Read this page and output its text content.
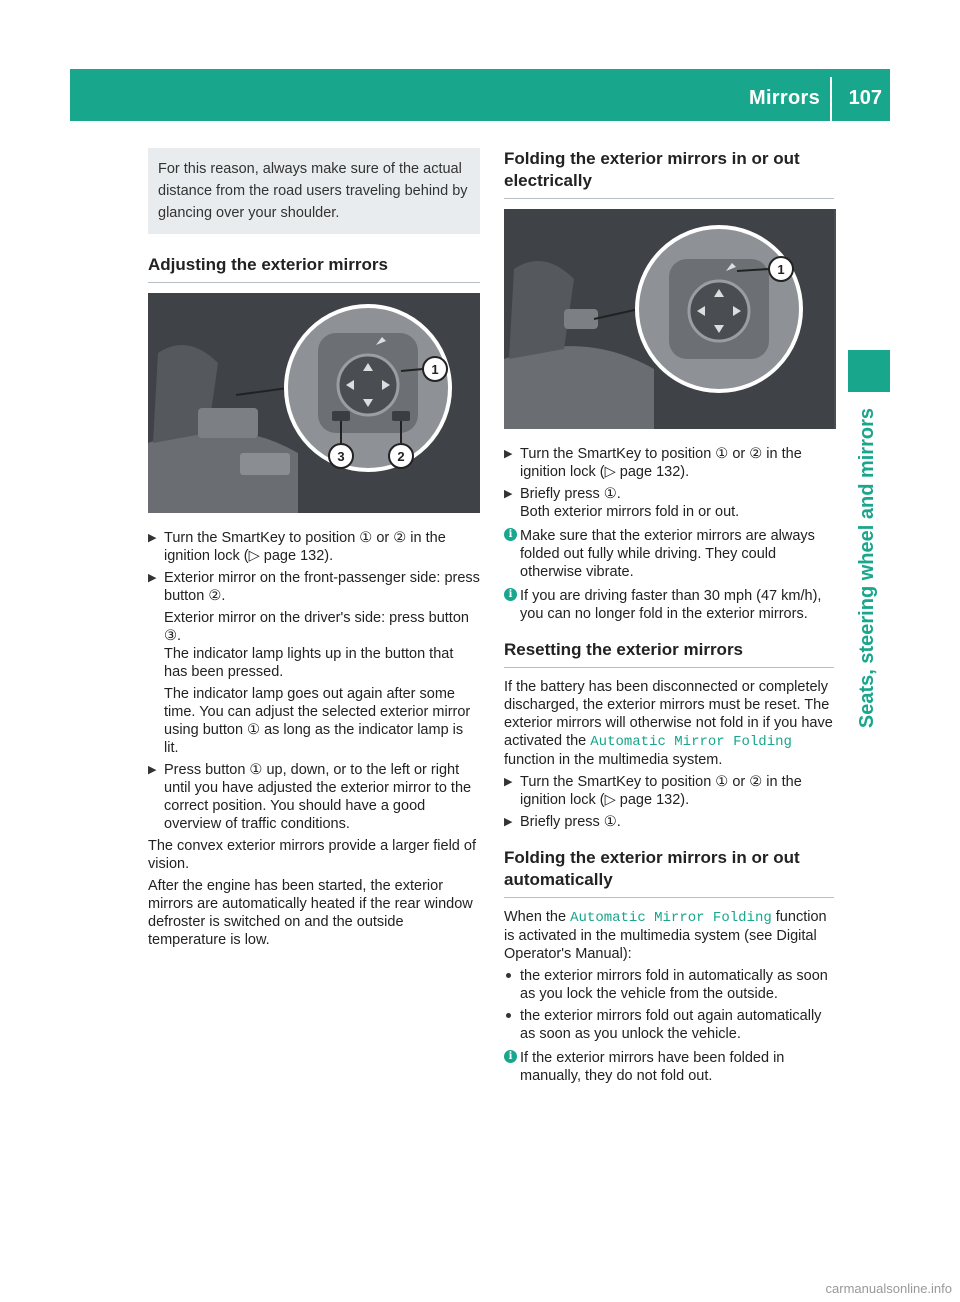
Mirrors 107
Seats, steering wheel and mirrors
For this reason, always make sure of the actual distance from the road users traveling behind by glancing over your shoulder.
Adjusting the exterior mirrors
1
3	2

▶ Turn the SmartKey to position ① or ② in the ignition lock (▷ page 132).

▶ Exterior mirror on the front-passenger side: press button ②.

Exterior mirror on the driver's side: press button ③.
The indicator lamp lights up in the button that has been pressed.

The indicator lamp goes out again after some time. You can adjust the selected exterior mirror using button ① as long as the indicator lamp is lit.

▶ Press button ① up, down, or to the left or right until you have adjusted the exterior mirror to the correct position. You should have a good overview of traffic conditions.

The convex exterior mirrors provide a larger field of vision.

After the engine has been started, the exterior mirrors are automatically heated if the rear window defroster is switched on and the outside temperature is low.

Folding the exterior mirrors in or out electrically
1

▶ Turn the SmartKey to position ① or ② in the ignition lock (▷ page 132).

▶ Briefly press ①.
Both exterior mirrors fold in or out.

i Make sure that the exterior mirrors are always folded out fully while driving. They could otherwise vibrate.

i If you are driving faster than 30 mph (47 km/h), you can no longer fold in the exterior mirrors.

Resetting the exterior mirrors

If the battery has been disconnected or completely discharged, the exterior mirrors must be reset. The exterior mirrors will otherwise not fold in if you have activated the Automatic Mirror Folding function in the multimedia system.

▶ Turn the SmartKey to position ① or ② in the ignition lock (▷ page 132).

▶ Briefly press ①.

Folding the exterior mirrors in or out automatically

When the Automatic Mirror Folding function is activated in the multimedia system (see Digital Operator's Manual):

the exterior mirrors fold in automatically as soon as you lock the vehicle from the outside.

the exterior mirrors fold out again automatically as soon as you unlock the vehicle.

i If the exterior mirrors have been folded in manually, they do not fold out.

carmanualsonline.info
